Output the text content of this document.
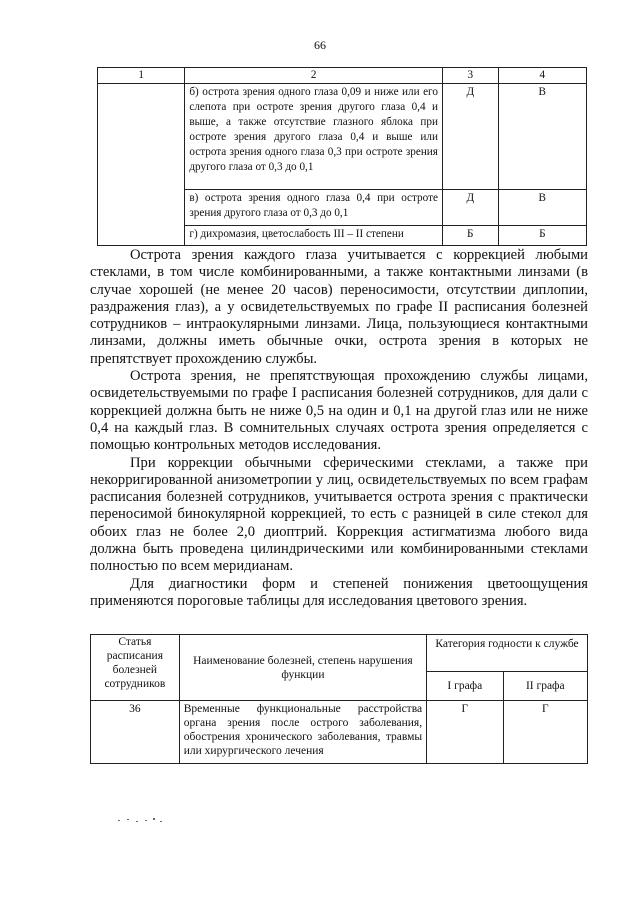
66
1	2	3	4
	б) острота зрения одного глаза 0,09 и ниже или его слепота при остроте зрения другого глаза 0,4 и выше, а также отсутствие глазного яблока при остроте зрения другого глаза 0,4 и выше или острота зрения одного глаза 0,3 при остроте зрения другого глаза от 0,3 до 0,1	Д	В
	в) острота зрения одного глаза 0,4 при остроте зрения другого глаза от 0,3 до 0,1	Д	В
	г) дихромазия, цветослабость III – II степени	Б	Б

Острота зрения каждого глаза учитывается с коррекцией любыми стеклами, в том числе комбинированными, а также контактными линзами (в случае хорошей (не менее 20 часов) переносимости, отсутствии диплопии, раздражения глаз), а у освидетельствуемых по графе II расписания болезней сотрудников – интраокулярными линзами. Лица, пользующиеся контактными линзами, должны иметь обычные очки, острота зрения в которых не препятствует прохождению службы.

Острота зрения, не препятствующая прохождению службы лицами, освидетельствуемыми по графе I расписания болезней сотрудников, для дали с коррекцией должна быть не ниже 0,5 на один и 0,1 на другой глаз или не ниже 0,4 на каждый глаз. В сомнительных случаях острота зрения определяется с помощью контрольных методов исследования.

При коррекции обычными сферическими стеклами, а также при некорригированной анизометропии у лиц, освидетельствуемых по всем графам расписания болезней сотрудников, учитывается острота зрения с практически переносимой бинокулярной коррекцией, то есть с разницей в силе стекол для обоих глаз не более 2,0 диоптрий. Коррекция астигматизма любого вида должна быть проведена цилиндрическими или комбинированными стеклами полностью по всем меридианам.

Для диагностики форм и степеней понижения цветоощущения применяются пороговые таблицы для исследования цветового зрения.

Статья расписания болезней сотрудников	Наименование болезней, степень нарушения функции	Категория годности к службе	
		I графа	II графа
36	Временные функциональные расстройства органа зрения после острого заболевания, обострения хронического заболевания, травмы или хирургического лечения	Г	Г
